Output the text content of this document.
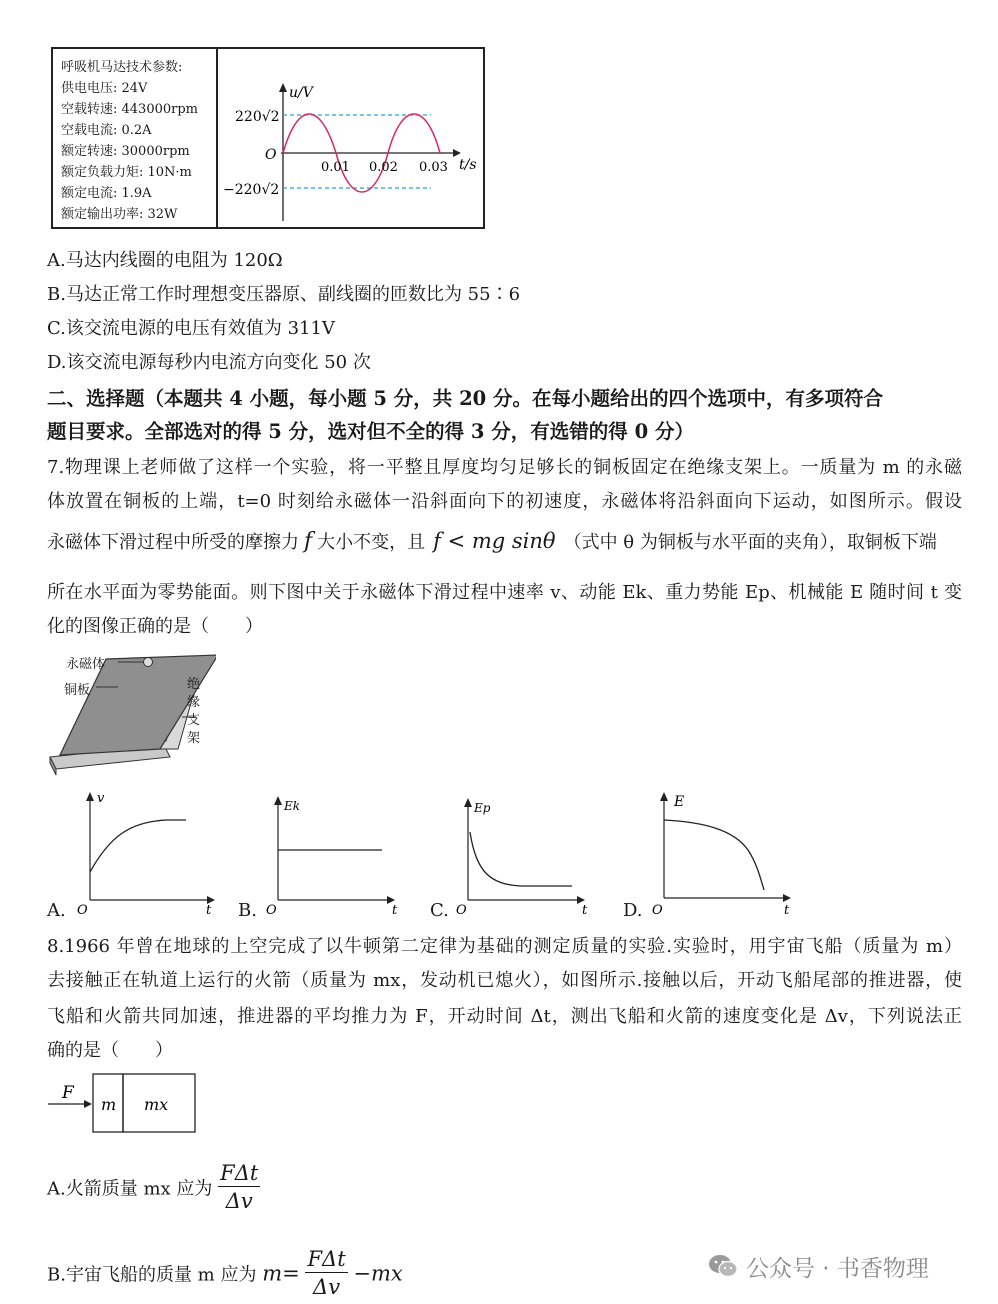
呼吸机马达技术参数:
供电电压: 24V
空载转速: 443000rpm
空载电流: 0.2A
额定转速: 30000rpm
额定负载力矩: 10N·m
额定电流: 1.9A
额定输出功率: 32W
u/V
t/s
O
220√2
−220√2
0.01 0.02 0.03
A.马达内线圈的电阻为 120Ω
B.马达正常工作时理想变压器原、副线圈的匝数比为 55∶6
C.该交流电源的电压有效值为 311V
D.该交流电源每秒内电流方向变化 50 次
二、选择题（本题共 4 小题，每小题 5 分，共 20 分。在每小题给出的四个选项中，有多项符合
题目要求。全部选对的得 5 分，选对但不全的得 3 分，有选错的得 0 分）
7.物理课上老师做了这样一个实验，将一平整且厚度均匀足够长的铜板固定在绝缘支架上。一质量为 m 的永磁
体放置在铜板的上端，t=0 时刻给永磁体一沿斜面向下的初速度，永磁体将沿斜面向下运动，如图所示。假设
永磁体下滑过程中所受的摩擦力 f 大小不变，且 f < mg sinθ （式中 θ 为铜板与水平面的夹角），取铜板下端
所在水平面为零势能面。则下图中关于永磁体下滑过程中速率 v、动能 Ek、重力势能 Ep、机械能 E 随时间 t 变
化的图像正确的是（　　）
永磁体
铜板	绝
缘
支
架
A.
v
t
O	B.
Ek
t
O	C.
Ep
t
O	D.
E
t
O
8.1966 年曾在地球的上空完成了以牛顿第二定律为基础的测定质量的实验.实验时，用宇宙飞船（质量为 m）
去接触正在轨道上运行的火箭（质量为 mx，发动机已熄火），如图所示.接触以后，开动飞船尾部的推进器，使
飞船和火箭共同加速，推进器的平均推力为 F，开动时间 Δt，测出飞船和火箭的速度变化是 Δv，下列说法正
确的是（　　）
F
m mx
A.火箭质量 mx 应为 $\frac{\text{FΔt}}{\Delta v}$
B.宇宙飞船的质量 m 应为 $m= \frac{\text{FΔt}}{\Delta v} -mx$	公众号 · 书香物理
